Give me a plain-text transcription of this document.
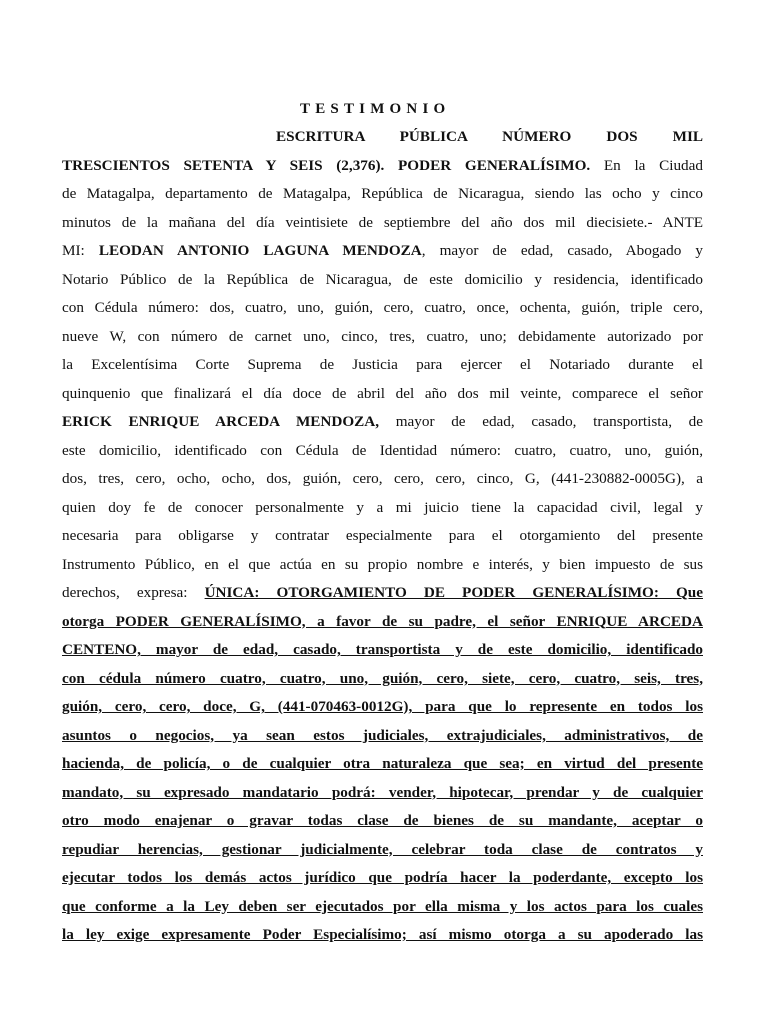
TESTIMONIO
ESCRITURA PÚBLICA NÚMERO DOS MIL
TRESCIENTOS SETENTA Y SEIS (2,376). PODER GENERALÍSIMO. En la Ciudad
de Matagalpa, departamento de Matagalpa, República de Nicaragua, siendo las ocho y cinco
minutos de la mañana del día veintisiete de septiembre del año dos mil diecisiete.- ANTE
MI: LEODAN ANTONIO LAGUNA MENDOZA, mayor de edad, casado, Abogado y
Notario Público de la República de Nicaragua, de este domicilio y residencia, identificado
con Cédula número: dos, cuatro, uno, guión, cero, cuatro, once, ochenta, guión, triple cero,
nueve W, con número de carnet uno, cinco, tres, cuatro, uno; debidamente autorizado por
la Excelentísima Corte Suprema de Justicia para ejercer el Notariado durante el
quinquenio que finalizará el día doce de abril del año dos mil veinte, comparece el señor
ERICK ENRIQUE ARCEDA MENDOZA, mayor de edad, casado, transportista, de
este domicilio, identificado con Cédula de Identidad número: cuatro, cuatro, uno, guión,
dos, tres, cero, ocho, ocho, dos, guión, cero, cero, cero, cinco, G, (441-230882-0005G), a
quien doy fe de conocer personalmente y a mi juicio tiene la capacidad civil, legal y
necesaria para obligarse y contratar especialmente para el otorgamiento del presente
Instrumento Público, en el que actúa en su propio nombre e interés, y bien impuesto de sus
derechos, expresa: ÚNICA: OTORGAMIENTO DE PODER GENERALÍSIMO: Que
otorga PODER GENERALÍSIMO, a favor de su padre, el señor ENRIQUE ARCEDA
CENTENO, mayor de edad, casado, transportista y de este domicilio, identificado
con cédula número cuatro, cuatro, uno, guión, cero, siete, cero, cuatro, seis, tres,
guión, cero, cero, doce, G, (441-070463-0012G), para que lo represente en todos los
asuntos o negocios, ya sean estos judiciales, extrajudiciales, administrativos, de
hacienda, de policía, o de cualquier otra naturaleza que sea; en virtud del presente
mandato, su expresado mandatario podrá: vender, hipotecar, prendar y de cualquier
otro modo enajenar o gravar todas clase de bienes de su mandante, aceptar o
repudiar herencias, gestionar judicialmente, celebrar toda clase de contratos y
ejecutar todos los demás actos jurídico que podría hacer la poderdante, excepto los
que conforme a la Ley deben ser ejecutados por ella misma y los actos para los cuales
la ley exige expresamente Poder Especialísimo; así mismo otorga a su apoderado las
